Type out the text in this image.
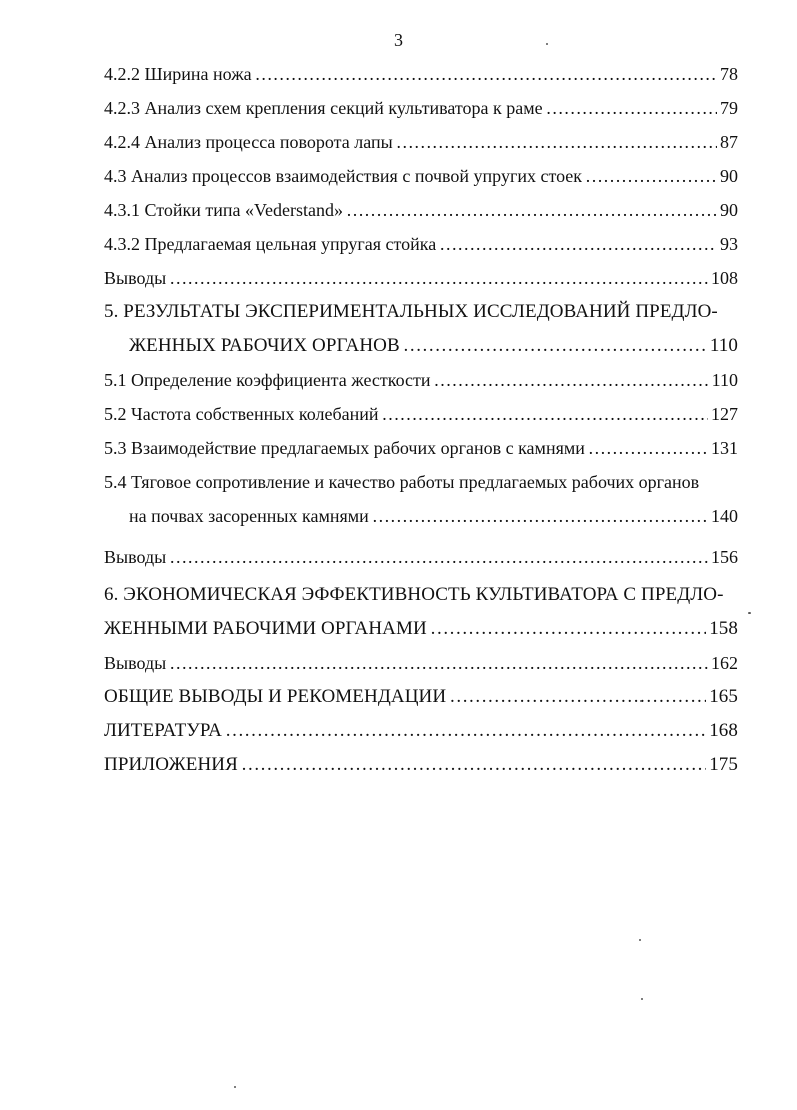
3
4.2.2 Ширина ножа ………………………………………………………………………………………………………………………………………………………………………………	78
4.2.3 Анализ схем крепления секций культиватора к раме ………………………………………………………………………………………………………………………………………………………………………………	79
4.2.4 Анализ процесса поворота лапы ………………………………………………………………………………………………………………………………………………………………………………	87
4.3 Анализ процессов взаимодействия с почвой упругих стоек ………………………………………………………………………………………………………………………………………………………………………………	90
4.3.1 Стойки типа «Vederstand» ………………………………………………………………………………………………………………………………………………………………………………	90
4.3.2 Предлагаемая цельная упругая стойка ………………………………………………………………………………………………………………………………………………………………………………	93
Выводы ………………………………………………………………………………………………………………………………………………………………………………	108
5. РЕЗУЛЬТАТЫ ЭКСПЕРИМЕНТАЛЬНЫХ ИССЛЕДОВАНИЙ ПРЕДЛО-
ЖЕННЫХ РАБОЧИХ ОРГАНОВ ………………………………………………………………………………………………………………………………………………………………………………	110
5.1 Определение коэффициента жесткости ………………………………………………………………………………………………………………………………………………………………………………	110
5.2 Частота собственных колебаний ………………………………………………………………………………………………………………………………………………………………………………	127
5.3 Взаимодействие предлагаемых рабочих органов с камнями ………………………………………………………………………………………………………………………………………………………………………………	131
5.4 Тяговое сопротивление и качество работы предлагаемых рабочих органов
на почвах засоренных камнями ………………………………………………………………………………………………………………………………………………………………………………	140
Выводы ………………………………………………………………………………………………………………………………………………………………………………	156
6. ЭКОНОМИЧЕСКАЯ ЭФФЕКТИВНОСТЬ КУЛЬТИВАТОРА С ПРЕДЛО-
ЖЕННЫМИ РАБОЧИМИ ОРГАНАМИ ………………………………………………………………………………………………………………………………………………………………………………	158
Выводы ………………………………………………………………………………………………………………………………………………………………………………	162
ОБЩИЕ ВЫВОДЫ И РЕКОМЕНДАЦИИ ………………………………………………………………………………………………………………………………………………………………………………	165
ЛИТЕРАТУРА ………………………………………………………………………………………………………………………………………………………………………………	168
ПРИЛОЖЕНИЯ ………………………………………………………………………………………………………………………………………………………………………………	175
